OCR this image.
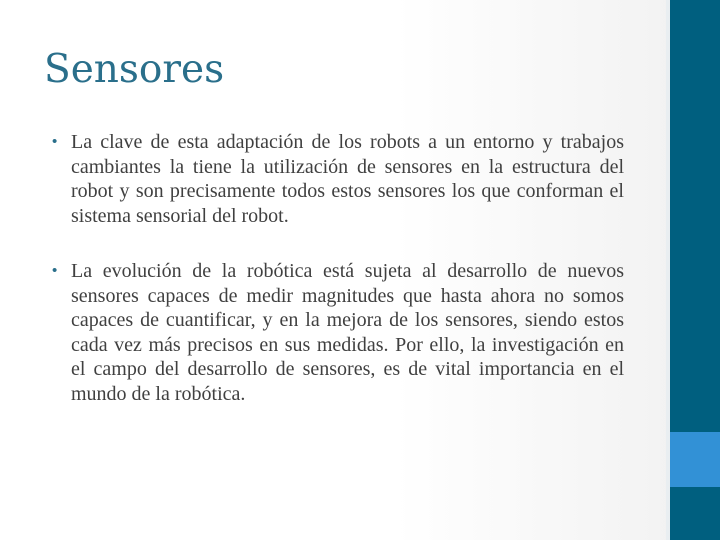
Sensores
• La clave de esta adaptación de los robots a un entorno y trabajos cambiantes la tiene la utilización de sensores en la estructura del robot y son precisamente todos estos sensores los que conforman el sistema sensorial del robot.
• La evolución de la robótica está sujeta al desarrollo de nuevos sensores capaces de medir magnitudes que hasta ahora no somos capaces de cuantificar, y en la mejora de los sensores, siendo estos cada vez más precisos en sus medidas. Por ello, la investigación en el campo del desarrollo de sensores, es de vital importancia en el mundo de la robótica.
